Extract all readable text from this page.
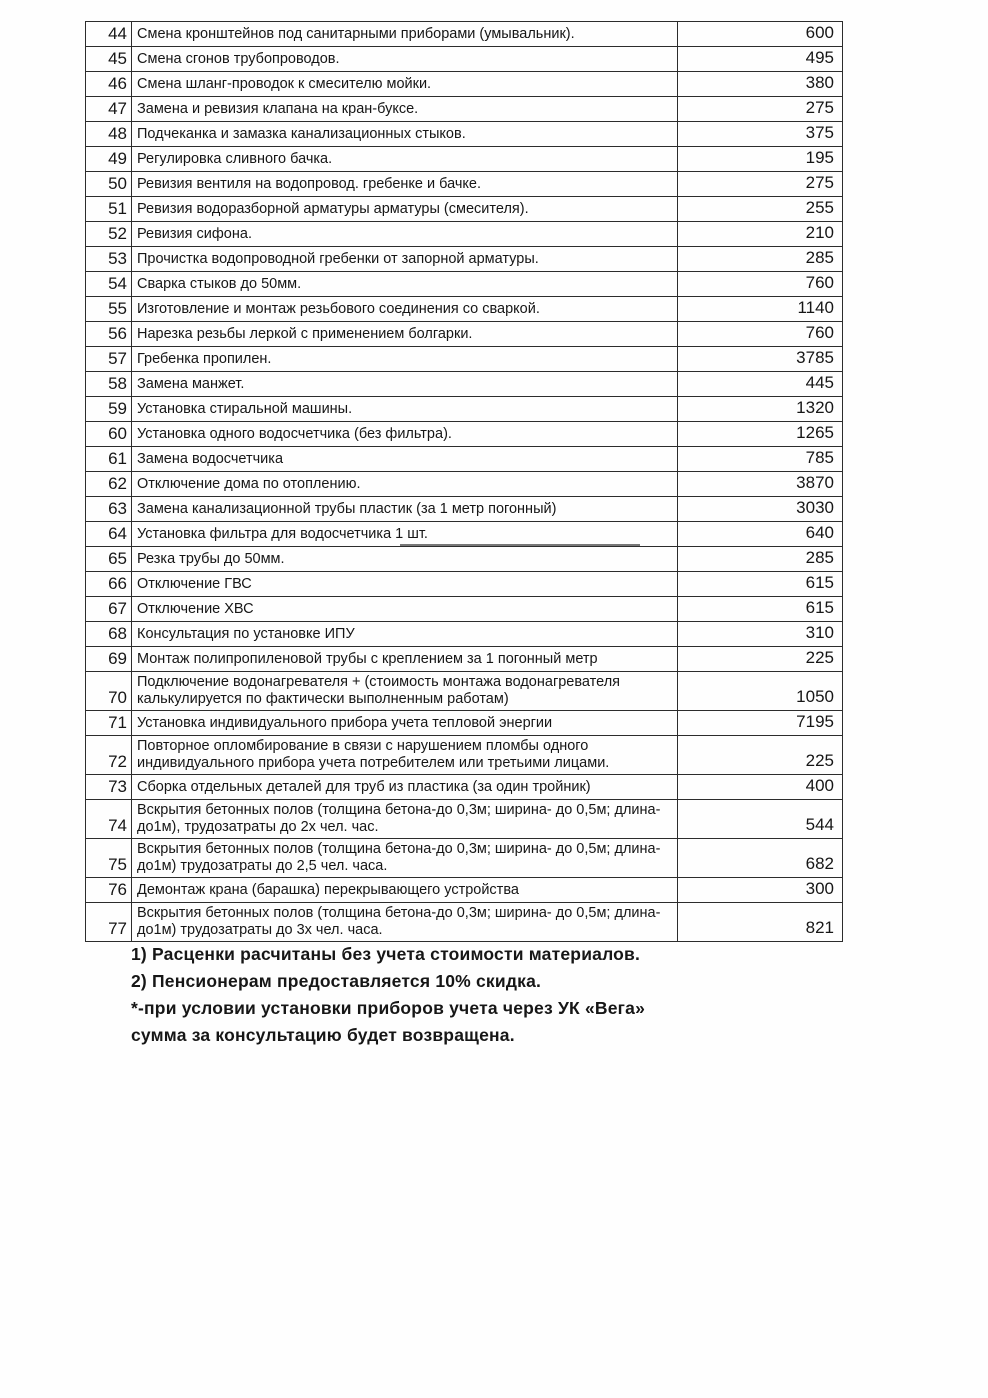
44	Смена кронштейнов под санитарными приборами (умывальник).	600
45	Смена сгонов трубопроводов.	495
46	Смена шланг-проводок к смесителю мойки.	380
47	Замена и ревизия клапана на кран-буксе.	275
48	Подчеканка и замазка канализационных стыков.	375
49	Регулировка сливного бачка.	195
50	Ревизия вентиля на водопровод. гребенке и бачке.	275
51	Ревизия водоразборной арматуры арматуры (смесителя).	255
52	Ревизия сифона.	210
53	Прочистка водопроводной гребенки от запорной арматуры.	285
54	Сварка стыков до 50мм.	760
55	Изготовление и монтаж резьбового соединения со сваркой.	1140
56	Нарезка резьбы леркой с применением болгарки.	760
57	Гребенка пропилен.	3785
58	Замена манжет.	445
59	Установка стиральной машины.	1320
60	Установка одного водосчетчика (без фильтра).	1265
61	Замена водосчетчика	785
62	Отключение дома по отоплению.	3870
63	Замена канализационной трубы пластик (за 1 метр погонный)	3030
64	Установка фильтра для водосчетчика 1 шт.	640
65	Резка трубы до 50мм.	285
66	Отключение ГВС	615
67	Отключение ХВС	615
68	Консультация по установке ИПУ	310
69	Монтаж полипропиленовой трубы с креплением за 1 погонный метр	225
70	Подключение водонагревателя + (стоимость монтажа водонагревателя калькулируется по фактически выполненным работам)	1050
71	Установка индивидуального прибора учета тепловой энергии	7195
72	Повторное опломбирование в связи с нарушением пломбы одного индивидуального прибора учета потребителем или третьими лицами.	225
73	Сборка отдельных деталей для труб из пластика (за один тройник)	400
74	Вскрытия бетонных полов (толщина бетона-до 0,3м; ширина- до 0,5м; длина-до1м), трудозатраты до 2х чел. час.	544
75	Вскрытия бетонных полов (толщина бетона-до 0,3м; ширина- до 0,5м; длина-до1м) трудозатраты до 2,5 чел. часа.	682
76	Демонтаж крана (барашка) перекрывающего устройства	300
77	Вскрытия бетонных полов (толщина бетона-до 0,3м; ширина- до 0,5м; длина-до1м) трудозатраты до 3х чел. часа.	821

1) Расценки расчитаны без учета стоимости материалов.

2) Пенсионерам предоставляется 10% скидка.

*-при условии установки приборов учета через УК «Вега»

сумма за консультацию будет возвращена.
